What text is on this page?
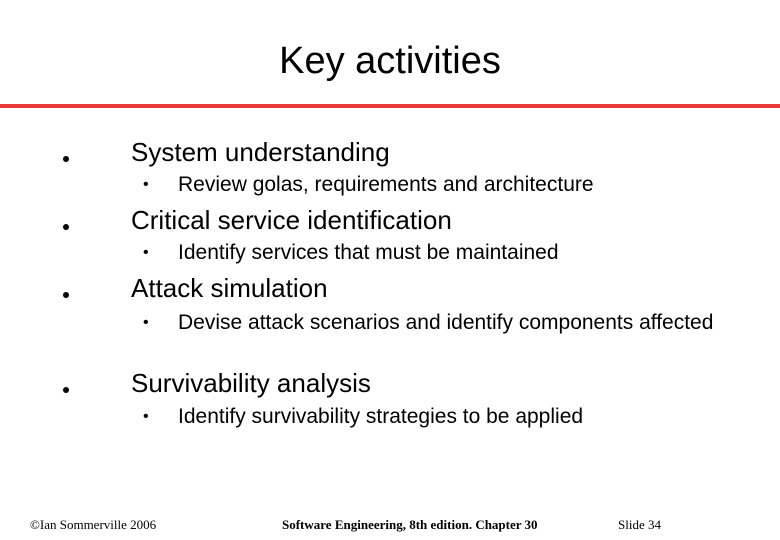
Key activities
System understanding
• Review golas, requirements and architecture
Critical service identification
• Identify services that must be maintained
Attack simulation
• Devise attack scenarios and identify components affected
Survivability analysis
• Identify survivability strategies to be applied
©Ian Sommerville 2006	Software Engineering, 8th edition. Chapter 30	Slide 34
